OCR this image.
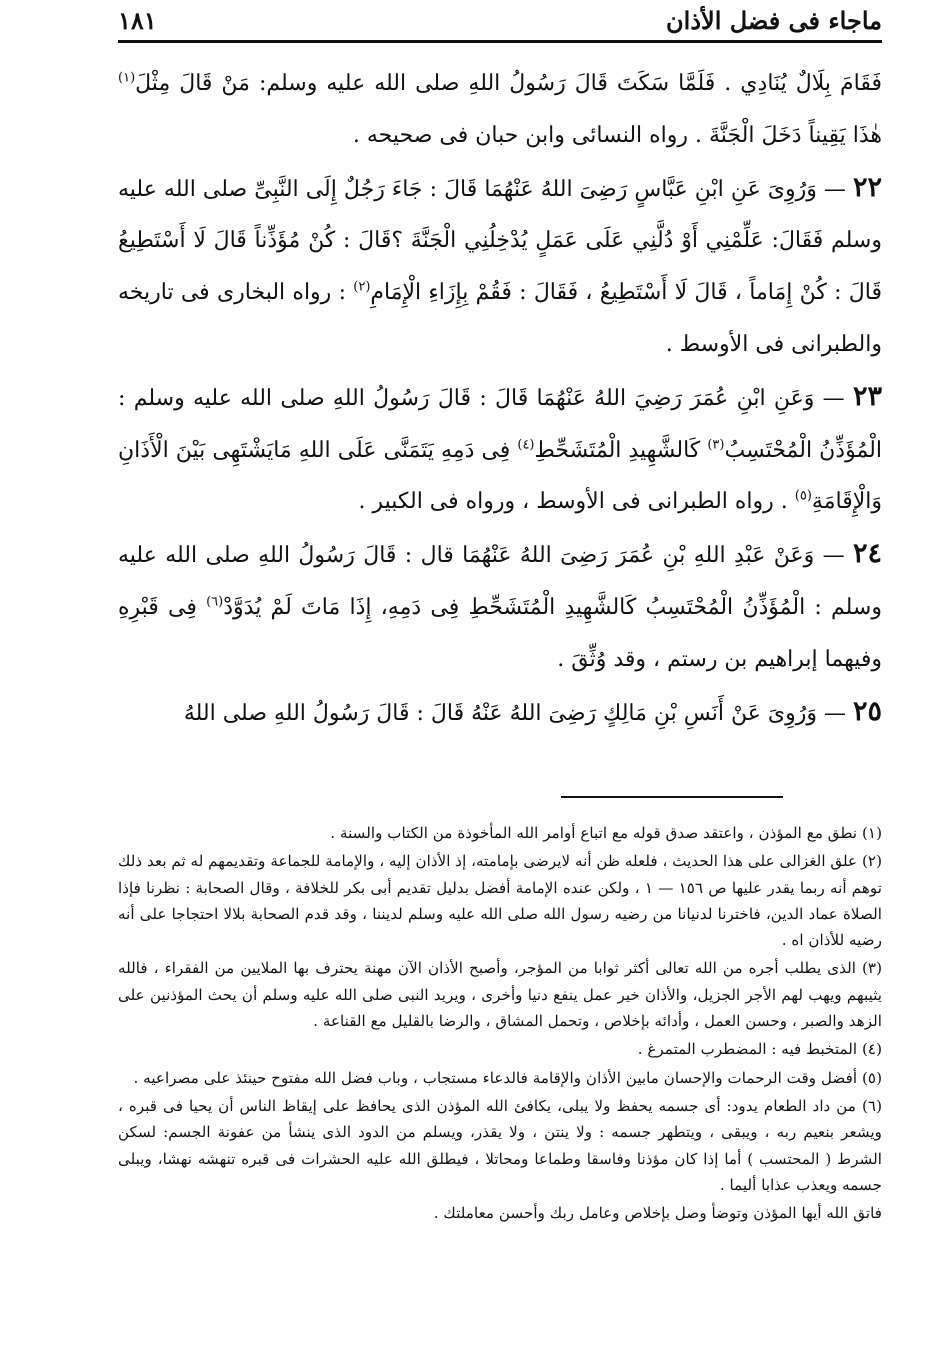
١٨١	ماجاء فى فضل الأذان

فَقَامَ بِلَالٌ يُنَادِي . فَلَمَّا سَكَتَ قَالَ رَسُولُ اللهِ صلى الله عليه وسلم: مَنْ قَالَ مِثْلَ$^{(١)}$ هٰذَا يَقِيناً دَخَلَ الْجَنَّةَ . رواه النسائى وابن حبان فى صحيحه .

٢٢ — وَرُوِىَ عَنِ ابْنِ عَبَّاسٍ رَضِىَ اللهُ عَنْهُمَا قَالَ : جَاءَ رَجُلٌ إِلَى النَّبِىِّ صلى الله عليه وسلم فَقَالَ: عَلِّمْنِي أَوْ دُلَّنِي عَلَى عَمَلٍ يُدْخِلُنِي الْجَنَّةَ ؟قَالَ : كُنْ مُؤَذِّناً قَالَ لَا أَسْتَطِيعُ قَالَ : كُنْ إِمَاماً ، قَالَ لَا أَسْتَطِيعُ ، فَقَالَ : فَقُمْ بِإِزَاءِ الْإِمَامِ$^{(٢)}$ : رواه البخارى فى تاريخه والطبرانى فى الأوسط .

٢٣ — وَعَنِ ابْنِ عُمَرَ رَضِيَ اللهُ عَنْهُمَا قَالَ : قَالَ رَسُولُ اللهِ صلى الله عليه وسلم : الْمُؤَذِّنُ الْمُحْتَسِبُ$^{(٣)}$ كَالشَّهِيدِ الْمُتَشَحِّطِ$^{(٤)}$ فِى دَمِهِ يَتَمَنَّى عَلَى اللهِ مَايَشْتَهِى بَيْنَ الْأَذَانِ وَالْإِقَامَةِ$^{(٥)}$ . رواه الطبرانى فى الأوسط ، ورواه فى الكبير .

٢٤ — وَعَنْ عَبْدِ اللهِ بْنِ عُمَرَ رَضِىَ اللهُ عَنْهُمَا قال : قَالَ رَسُولُ اللهِ صلى الله عليه وسلم : الْمُؤَذِّنُ الْمُحْتَسِبُ كَالشَّهِيدِ الْمُتَشَحِّطِ فِى دَمِهِ، إِذَا مَاتَ لَمْ يُدَوَّدْ$^{(٦)}$ فِى قَبْرِهِ وفيهما إبراهيم بن رستم ، وقد وُثِّقَ .

٢٥ — وَرُوِىَ عَنْ أَنَسِ بْنِ مَالِكٍ رَضِىَ اللهُ عَنْهُ قَالَ : قَالَ رَسُولُ اللهِ صلى اللهُ

(١) نطق مع المؤذن ، واعتقد صدق قوله مع اتباع أوامر الله المأخوذة من الكتاب والسنة .

(٢) علق الغزالى على هذا الحديث ، فلعله ظن أنه لايرضى بإمامته، إذ الأذان إليه ، والإمامة للجماعة وتقديمهم له ثم بعد ذلك توهم أنه ربما يقدر عليها ص ١٥٦ — ١ ، ولكن عنده الإمامة أفضل بدليل تقديم أبى بكر للخلافة ، وقال الصحابة : نظرنا فإذا الصلاة عماد الدين، فاخترنا لدنيانا من رضيه رسول الله صلى الله عليه وسلم لديننا ، وقد قدم الصحابة بلالا احتجاجا على أنه رضيه للأذان اه .

(٣) الذى يطلب أجره من الله تعالى أكثر ثوابا من المؤجر، وأصبح الأذان الآن مهنة يحترف بها الملايين من الفقراء ، فالله يثيبهم ويهب لهم الأجر الجزيل، والأذان خير عمل ينفع دنيا وأخرى ، ويريد النبى صلى الله عليه وسلم أن يحث المؤذنين على الزهد والصبر ، وحسن العمل ، وأدائه بإخلاص ، وتحمل المشاق ، والرضا بالقليل مع القناعة .

(٤) المتخبط فيه : المضطرب المتمرغ .

(٥) أفضل وقت الرحمات والإحسان مابين الأذان والإقامة فالدعاء مستجاب ، وباب فضل الله مفتوح حينئذ على مصراعيه .

(٦) من داد الطعام يدود: أى جسمه يحفظ ولا يبلى، يكافئ الله المؤذن الذى يحافظ على إيقاظ الناس أن يحيا فى قبره ، ويشعر بنعيم ربه ، ويبقى ، ويتطهر جسمه : ولا ينتن ، ولا يقذر، ويسلم من الدود الذى ينشأ من عفونة الجسم: لسكن الشرط ( المحتسب ) أما إذا كان مؤذنا وفاسقا وطماعا ومحاتلا ، فيطلق الله عليه الحشرات فى قبره تنهشه نهشا، ويبلى جسمه ويعذب عذابا أليما .

فاتق الله أيها المؤذن وتوضأ وصل بإخلاص وعامل ربك وأحسن معاملتك .
